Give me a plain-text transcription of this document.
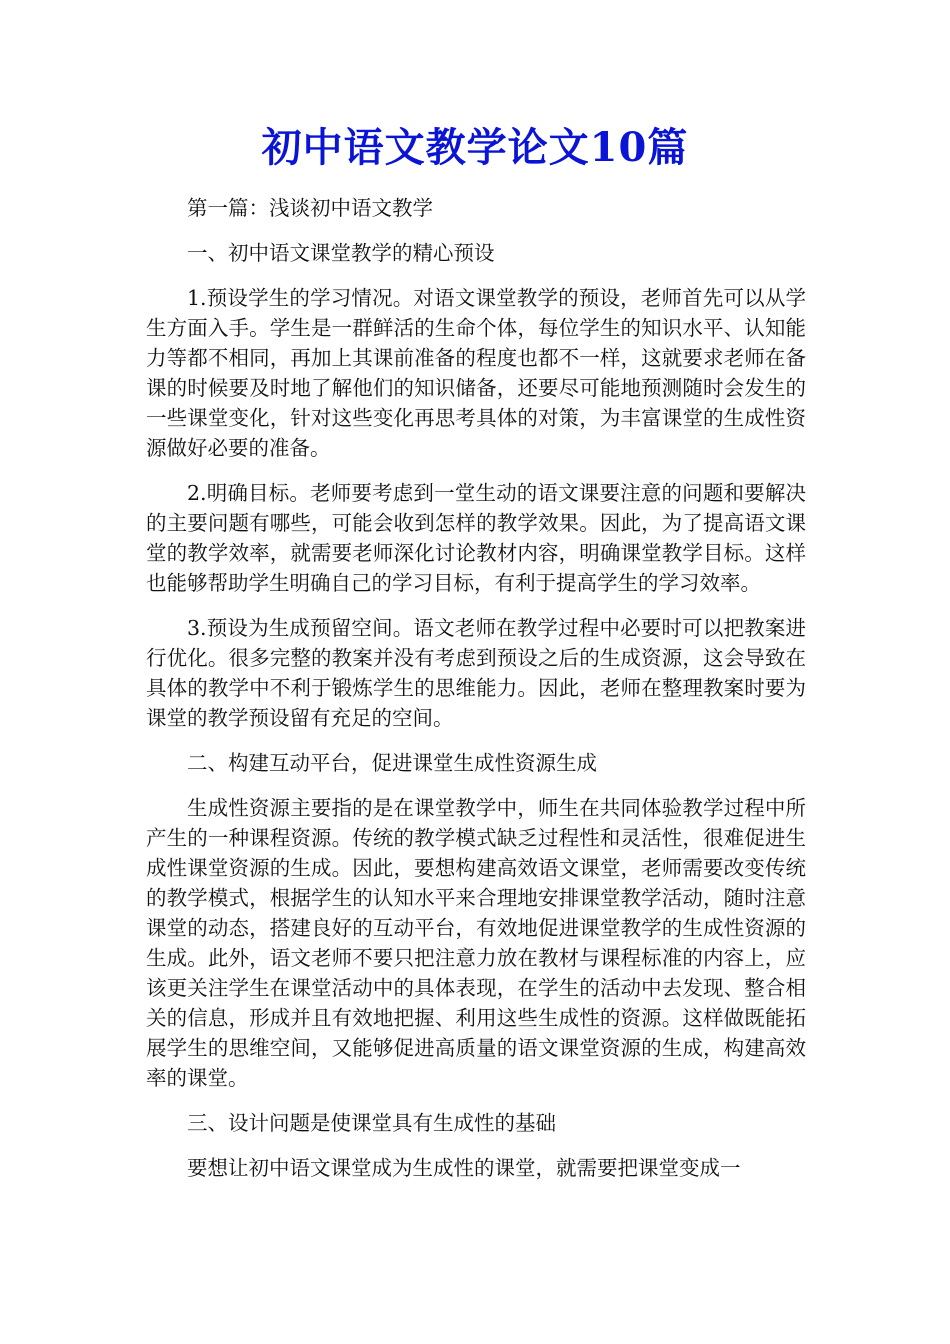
初中语文教学论文10篇

第一篇：浅谈初中语文教学

一、初中语文课堂教学的精心预设

1.预设学生的学习情况。对语文课堂教学的预设，老师首先可以从学生方面入手。学生是一群鲜活的生命个体，每位学生的知识水平、认知能力等都不相同，再加上其课前准备的程度也都不一样，这就要求老师在备课的时候要及时地了解他们的知识储备，还要尽可能地预测随时会发生的一些课堂变化，针对这些变化再思考具体的对策，为丰富课堂的生成性资源做好必要的准备。

2.明确目标。老师要考虑到一堂生动的语文课要注意的问题和要解决的主要问题有哪些，可能会收到怎样的教学效果。因此，为了提高语文课堂的教学效率，就需要老师深化讨论教材内容，明确课堂教学目标。这样也能够帮助学生明确自己的学习目标，有利于提高学生的学习效率。

3.预设为生成预留空间。语文老师在教学过程中必要时可以把教案进行优化。很多完整的教案并没有考虑到预设之后的生成资源，这会导致在具体的教学中不利于锻炼学生的思维能力。因此，老师在整理教案时要为课堂的教学预设留有充足的空间。

二、构建互动平台，促进课堂生成性资源生成

生成性资源主要指的是在课堂教学中，师生在共同体验教学过程中所产生的一种课程资源。传统的教学模式缺乏过程性和灵活性，很难促进生成性课堂资源的生成。因此，要想构建高效语文课堂，老师需要改变传统的教学模式，根据学生的认知水平来合理地安排课堂教学活动，随时注意课堂的动态，搭建良好的互动平台，有效地促进课堂教学的生成性资源的生成。此外，语文老师不要只把注意力放在教材与课程标准的内容上，应该更关注学生在课堂活动中的具体表现，在学生的活动中去发现、整合相关的信息，形成并且有效地把握、利用这些生成性的资源。这样做既能拓展学生的思维空间，又能够促进高质量的语文课堂资源的生成，构建高效率的课堂。

三、设计问题是使课堂具有生成性的基础

要想让初中语文课堂成为生成性的课堂，就需要把课堂变成一
